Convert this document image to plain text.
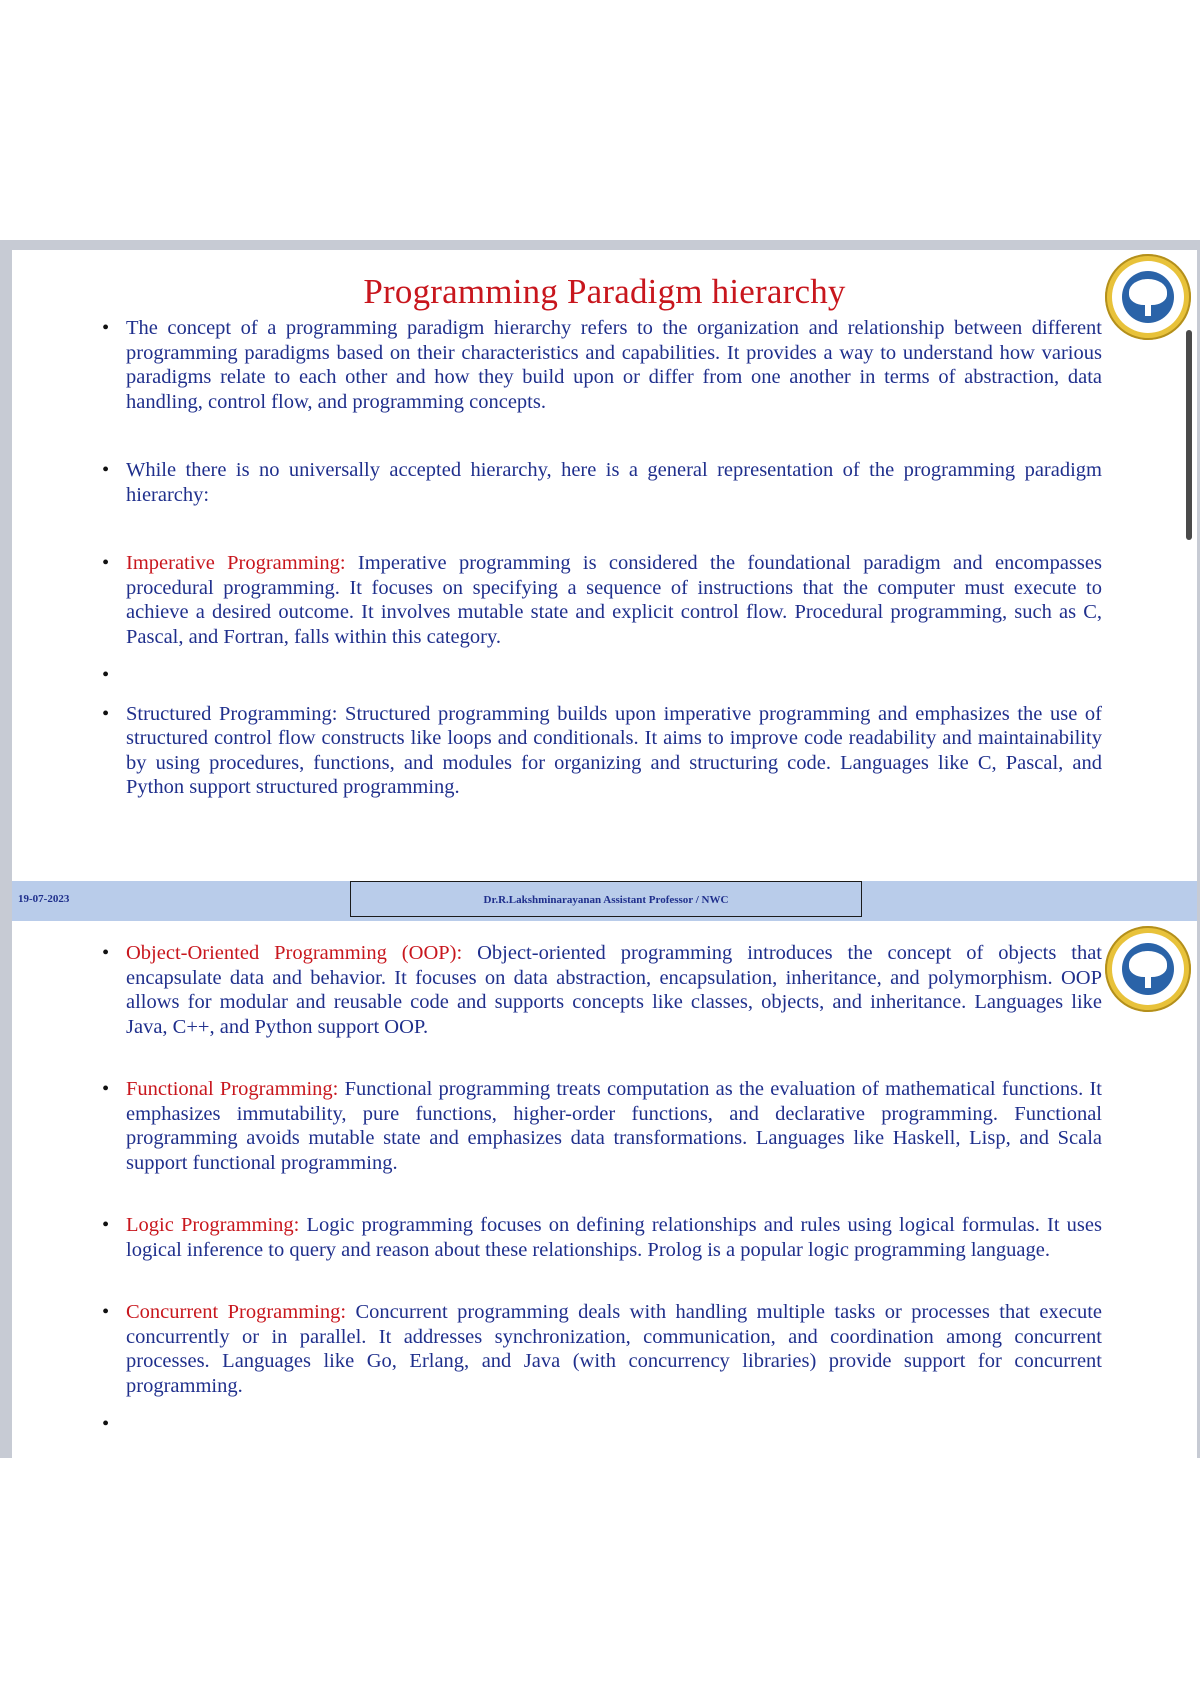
Programming Paradigm hierarchy
• The concept of a programming paradigm hierarchy refers to the organization and relationship between different programming paradigms based on their characteristics and capabilities. It provides a way to understand how various paradigms relate to each other and how they build upon or differ from one another in terms of abstraction, data handling, control flow, and programming concepts.
• While there is no universally accepted hierarchy, here is a general representation of the programming paradigm hierarchy:
• Imperative Programming: Imperative programming is considered the foundational paradigm and encompasses procedural programming. It focuses on specifying a sequence of instructions that the computer must execute to achieve a desired outcome. It involves mutable state and explicit control flow. Procedural programming, such as C, Pascal, and Fortran, falls within this category.
•
• Structured Programming: Structured programming builds upon imperative programming and emphasizes the use of structured control flow constructs like loops and conditionals. It aims to improve code readability and maintainability by using procedures, functions, and modules for organizing and structuring code. Languages like C, Pascal, and Python support structured programming.
19-07-2023	Dr.R.Lakshminarayanan Assistant Professor / NWC
• Object-Oriented Programming (OOP): Object-oriented programming introduces the concept of objects that encapsulate data and behavior. It focuses on data abstraction, encapsulation, inheritance, and polymorphism. OOP allows for modular and reusable code and supports concepts like classes, objects, and inheritance. Languages like Java, C++, and Python support OOP.
• Functional Programming: Functional programming treats computation as the evaluation of mathematical functions. It emphasizes immutability, pure functions, higher-order functions, and declarative programming. Functional programming avoids mutable state and emphasizes data transformations. Languages like Haskell, Lisp, and Scala support functional programming.
• Logic Programming: Logic programming focuses on defining relationships and rules using logical formulas. It uses logical inference to query and reason about these relationships. Prolog is a popular logic programming language.
• Concurrent Programming: Concurrent programming deals with handling multiple tasks or processes that execute concurrently or in parallel. It addresses synchronization, communication, and coordination among concurrent processes. Languages like Go, Erlang, and Java (with concurrency libraries) provide support for concurrent programming.
•
